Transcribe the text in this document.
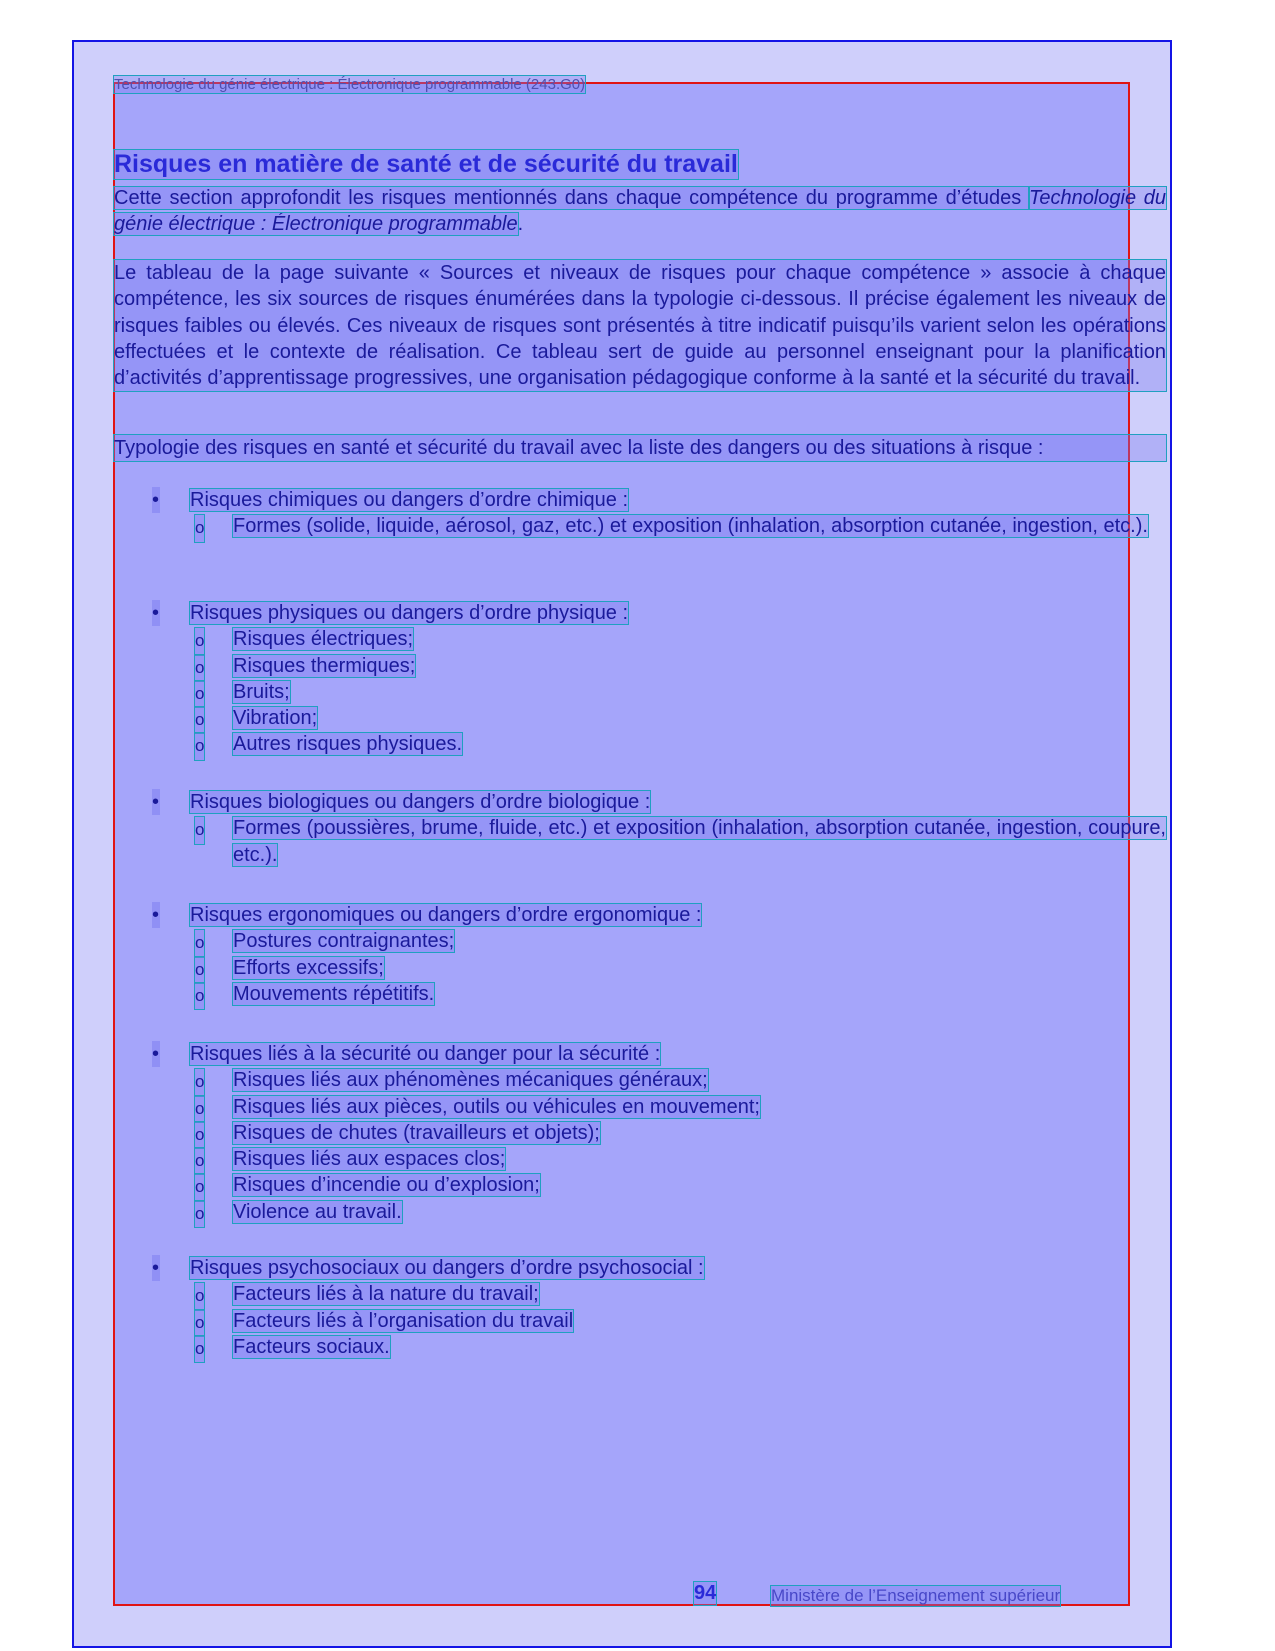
Technologie du génie électrique : Électronique programmable (243.G0)
Risques en matière de santé et de sécurité du travail

Cette section approfondit les risques mentionnés dans chaque compétence du programme d’études Technologie du génie électrique : Électronique programmable.

Le tableau de la page suivante « Sources et niveaux de risques pour chaque compétence » associe à chaque compétence, les six sources de risques énumérées dans la typologie ci-dessous. Il précise également les niveaux de risques faibles ou élevés. Ces niveaux de risques sont présentés à titre indicatif puisqu’ils varient selon les opérations effectuées et le contexte de réalisation. Ce tableau sert de guide au personnel enseignant pour la planification d’activités d’apprentissage progressives, une organisation pédagogique conforme à la santé et la sécurité du travail.

Typologie des risques en santé et sécurité du travail avec la liste des dangers ou des situations à risque :

• Risques chimiques ou dangers d’ordre chimique :
o Formes (solide, liquide, aérosol, gaz, etc.) et exposition (inhalation, absorption cutanée, ingestion, etc.).
• Risques physiques ou dangers d’ordre physique :
o Risques électriques;
o Risques thermiques;
o Bruits;
o Vibration;
o Autres risques physiques.
• Risques biologiques ou dangers d’ordre biologique :
o Formes (poussières, brume, fluide, etc.) et exposition (inhalation, absorption cutanée, ingestion, coupure, etc.).
• Risques ergonomiques ou dangers d’ordre ergonomique :
o Postures contraignantes;
o Efforts excessifs;
o Mouvements répétitifs.
• Risques liés à la sécurité ou danger pour la sécurité :
o Risques liés aux phénomènes mécaniques généraux;
o Risques liés aux pièces, outils ou véhicules en mouvement;
o Risques de chutes (travailleurs et objets);
o Risques liés aux espaces clos;
o Risques d’incendie ou d’explosion;
o Violence au travail.
• Risques psychosociaux ou dangers d’ordre psychosocial :
o Facteurs liés à la nature du travail;
o Facteurs liés à l’organisation du travail
o Facteurs sociaux.
94	Ministère de l’Enseignement supérieur
